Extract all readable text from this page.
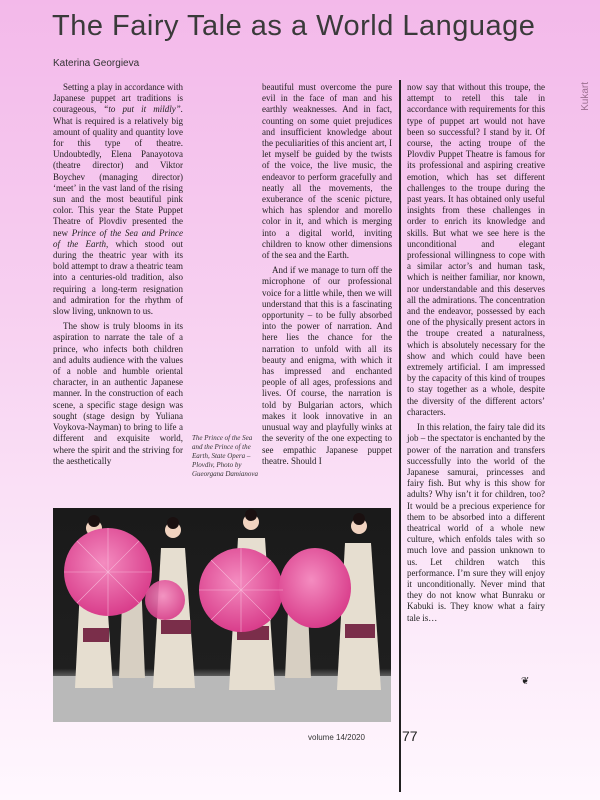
The Fairy Tale as a World Language
Katerina Georgieva
Kukart

Setting a play in accordance with Japanese puppet art traditions is courageous, “to put it mildly”. What is required is a relatively big amount of quality and quantity love for this type of theatre. Undoubtedly, Elena Panayotova (theatre director) and Viktor Boychev (managing director) ‘meet’ in the vast land of the rising sun and the most beautiful pink color. This year the State Puppet Theatre of Plovdiv presented the new Prince of the Sea and Prince of the Earth, which stood out during the theatric year with its bold attempt to draw a theatric team into a centuries-old tradition, also requiring a long-term resignation and admiration for the rhythm of slow living, unknown to us.

The show is truly blooms in its aspiration to narrate the tale of a prince, who infects both children and adults audience with the values of a noble and humble oriental character, in an authentic Japanese manner. In the construction of each scene, a specific stage design was sought (stage design by Yuliana Voykova-Nayman) to bring to life a different and exquisite world, where the spirit and the striving for the aesthetically

The Prince of the Sea and the Prince of the Earth, State Opera – Plovdiv, Photo by Gueorgana Damianova

beautiful must overcome the pure evil in the face of man and his earthly weaknesses. And in fact, counting on some quiet prejudices and insufficient knowledge about the peculiarities of this ancient art, I let myself be guided by the twists of the voice, the live music, the endeavor to perform gracefully and neatly all the movements, the exuberance of the scenic picture, which has splendor and morello color in it, and which is merging into a digital world, inviting children to know other dimensions of the sea and the Earth.

And if we manage to turn off the microphone of our professional voice for a little while, then we will understand that this is a fascinating opportunity – to be fully absorbed into the power of narration. And here lies the chance for the narration to unfold with all its beauty and enigma, with which it has impressed and enchanted people of all ages, professions and lives. Of course, the narration is told by Bulgarian actors, which makes it look innovative in an unusual way and playfully winks at the severity of the one expecting to see empathic Japanese puppet theatre. Should I

now say that without this troupe, the attempt to retell this tale in accordance with requirements for this type of puppet art would not have been so successful? I stand by it. Of course, the acting troupe of the Plovdiv Puppet Theatre is famous for its professional and aspiring creative emotion, which has set different challenges to the troupe during the past years. It has obtained only useful insights from these challenges in order to enrich its knowledge and skills. But what we see here is the unconditional and elegant professional willingness to cope with a similar actor’s and human task, which is neither familiar, nor known, nor understandable and this deserves all the admirations. The concentration and the endeavor, possessed by each one of the physically present actors in the troupe created a naturalness, which is absolutely necessary for the show and which could have been extremely artificial. I am impressed by the capacity of this kind of troupes to stay together as a whole, despite the diversity of the different actors’ characters.

In this relation, the fairy tale did its job – the spectator is enchanted by the power of the narration and transfers successfully into the world of the Japanese samurai, princesses and fairy fish. But why is this show for adults? Why isn’t it for children, too? It would be a precious experience for them to be absorbed into a different theatrical world of a whole new culture, which enfolds tales with so much love and passion unknown to us. Let children watch this performance. I’m sure they will enjoy it unconditionally. Never mind that they do not know what Bunraku or Kabuki is. They know what a fairy tale is…

❦
volume 14/2020	77
